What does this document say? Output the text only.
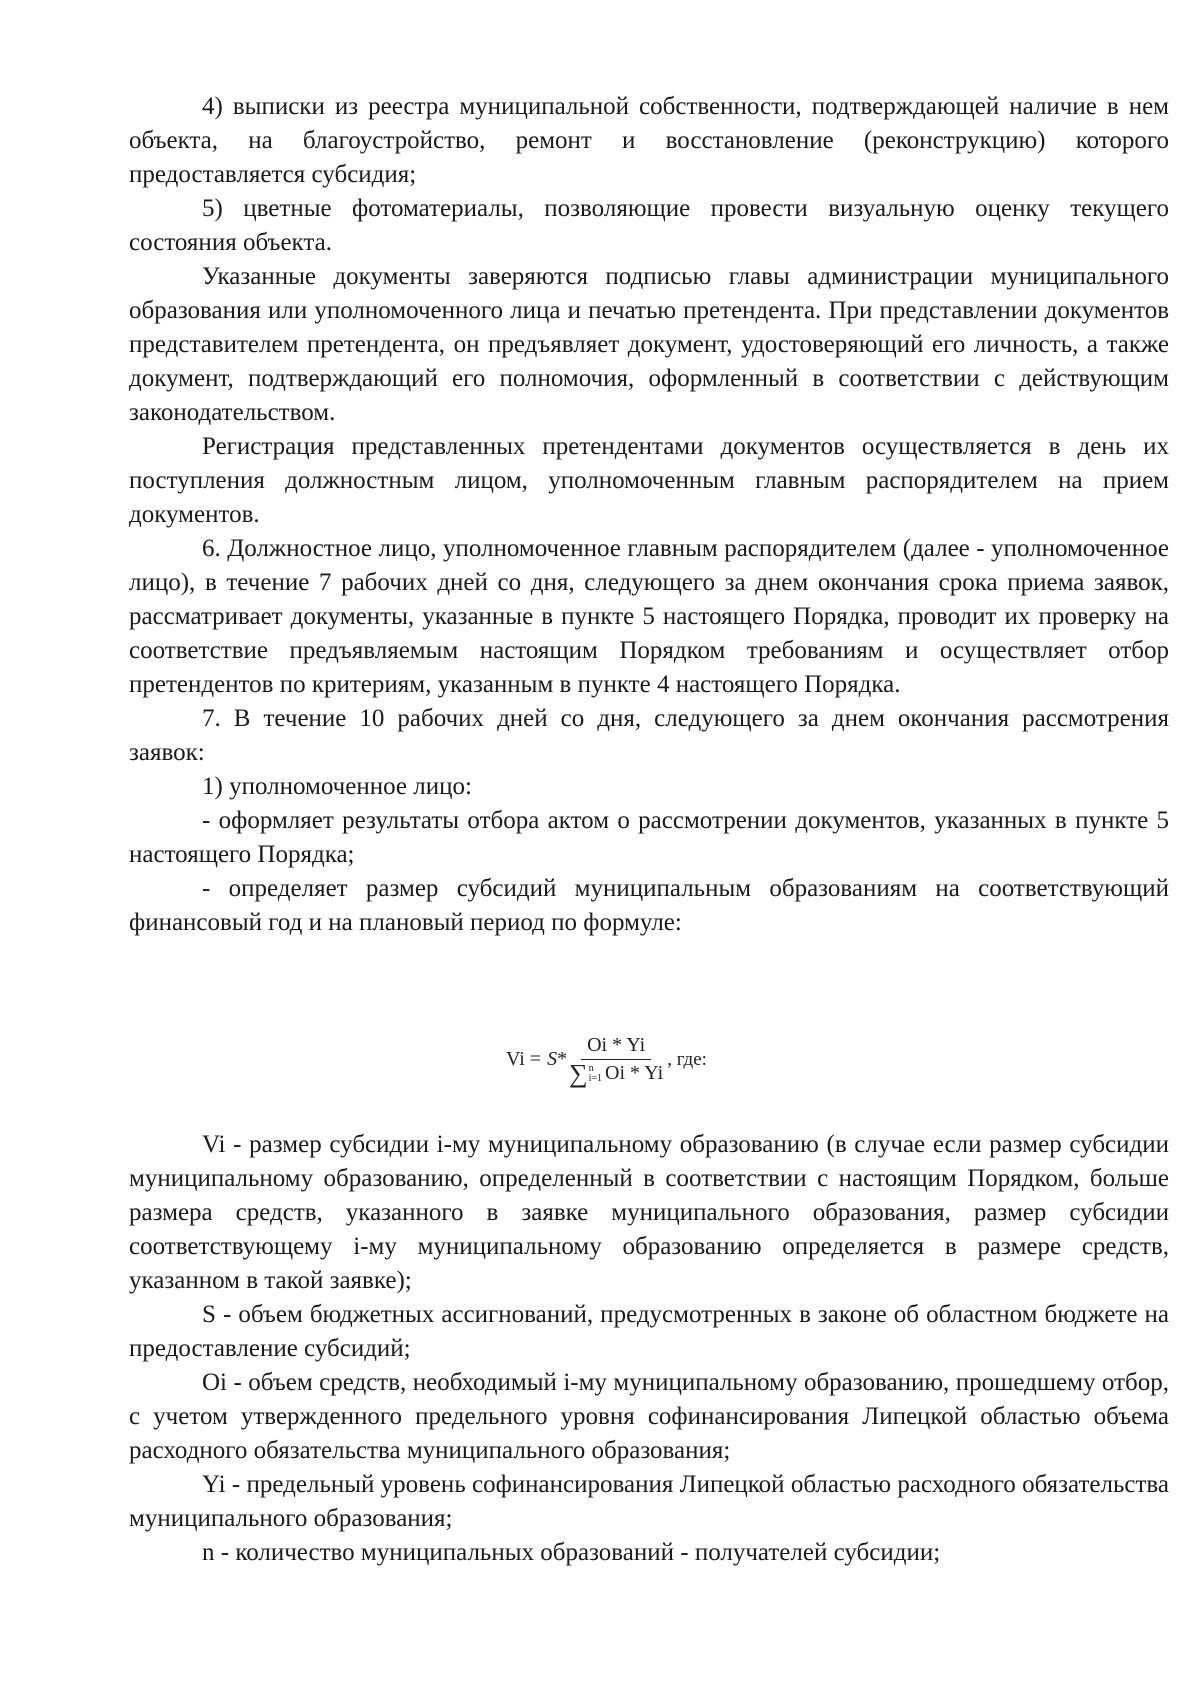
4) выписки из реестра муниципальной собственности, подтверждающей наличие в нем объекта, на благоустройство, ремонт и восстановление (реконструкцию) которого предоставляется субсидия;

5) цветные фотоматериалы, позволяющие провести визуальную оценку текущего состояния объекта.

Указанные документы заверяются подписью главы администрации муниципального образования или уполномоченного лица и печатью претендента. При представлении документов представителем претендента, он предъявляет документ, удостоверяющий его личность, а также документ, подтверждающий его полномочия, оформленный в соответствии с действующим законодательством.

Регистрация представленных претендентами документов осуществляется в день их поступления должностным лицом, уполномоченным главным распорядителем на прием документов.

6. Должностное лицо, уполномоченное главным распорядителем (далее - уполномоченное лицо), в течение 7 рабочих дней со дня, следующего за днем окончания срока приема заявок, рассматривает документы, указанные в пункте 5 настоящего Порядка, проводит их проверку на соответствие предъявляемым настоящим Порядком требованиям и осуществляет отбор претендентов по критериям, указанным в пункте 4 настоящего Порядка.

7. В течение 10 рабочих дней со дня, следующего за днем окончания рассмотрения заявок:

1) уполномоченное лицо:

- оформляет результаты отбора актом о рассмотрении документов, указанных в пункте 5 настоящего Порядка;

- определяет размер субсидий муниципальным образованиям на соответствующий финансовый год и на плановый период по формуле:

Vi = S *
Oi * Yi
∑ n
i=1 Oi * Yi
, где:

Vi - размер субсидии i-му муниципальному образованию (в случае если размер субсидии муниципальному образованию, определенный в соответствии с настоящим Порядком, больше размера средств, указанного в заявке муниципального образования, размер субсидии соответствующему i-му муниципальному образованию определяется в размере средств, указанном в такой заявке);

S - объем бюджетных ассигнований, предусмотренных в законе об областном бюджете на предоставление субсидий;

Oi - объем средств, необходимый i-му муниципальному образованию, прошедшему отбор, с учетом утвержденного предельного уровня софинансирования Липецкой областью объема расходного обязательства муниципального образования;

Yi - предельный уровень софинансирования Липецкой областью расходного обязательства муниципального образования;

n - количество муниципальных образований - получателей субсидии;
